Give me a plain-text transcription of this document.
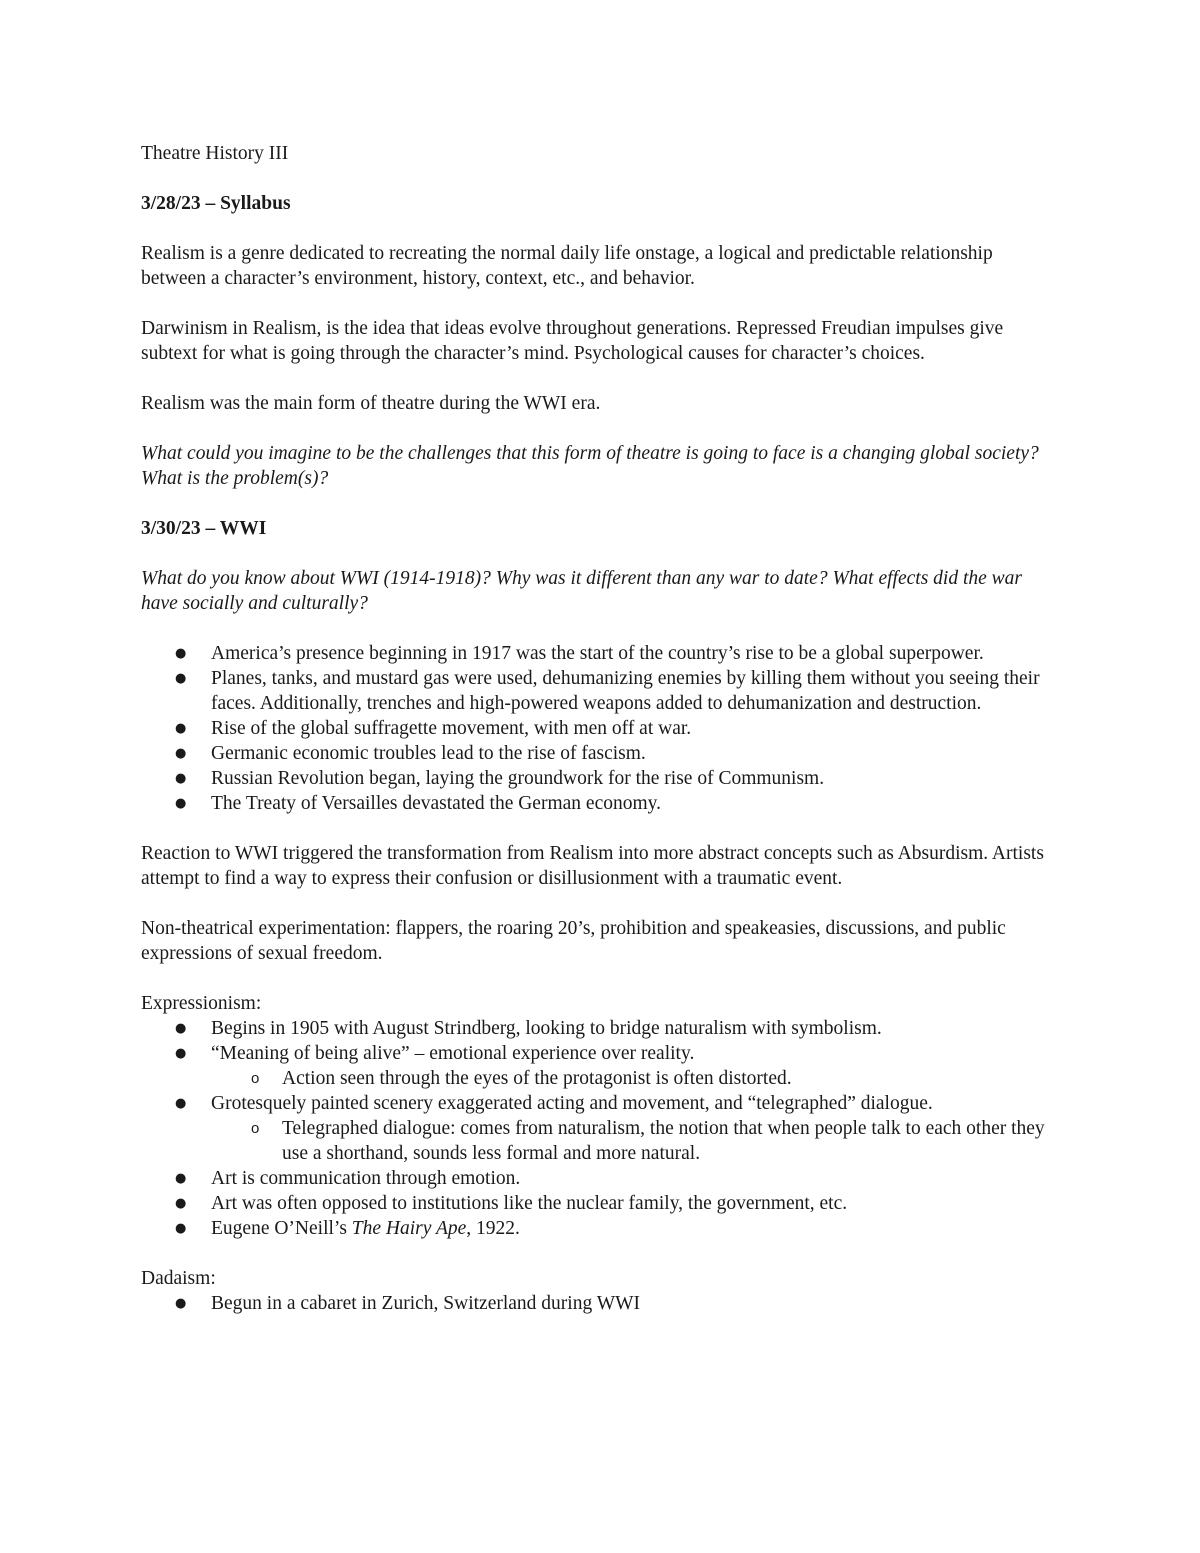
Theatre History III

3/28/23 – Syllabus

Realism is a genre dedicated to recreating the normal daily life onstage, a logical and predictable relationship between a character’s environment, history, context, etc., and behavior.

Darwinism in Realism, is the idea that ideas evolve throughout generations. Repressed Freudian impulses give subtext for what is going through the character’s mind. Psychological causes for character’s choices.

Realism was the main form of theatre during the WWI era.

What could you imagine to be the challenges that this form of theatre is going to face is a changing global society? What is the problem(s)?

3/30/23 – WWI

What do you know about WWI (1914-1918)? Why was it different than any war to date? What effects did the war have socially and culturally?

● America’s presence beginning in 1917 was the start of the country’s rise to be a global superpower.
● Planes, tanks, and mustard gas were used, dehumanizing enemies by killing them without you seeing their faces. Additionally, trenches and high-powered weapons added to dehumanization and destruction.
● Rise of the global suffragette movement, with men off at war.
● Germanic economic troubles lead to the rise of fascism.
● Russian Revolution began, laying the groundwork for the rise of Communism.
● The Treaty of Versailles devastated the German economy.

Reaction to WWI triggered the transformation from Realism into more abstract concepts such as Absurdism. Artists attempt to find a way to express their confusion or disillusionment with a traumatic event.

Non-theatrical experimentation: flappers, the roaring 20’s, prohibition and speakeasies, discussions, and public expressions of sexual freedom.

Expressionism:

● Begins in 1905 with August Strindberg, looking to bridge naturalism with symbolism.
● “Meaning of being alive” – emotional experience over reality.
o Action seen through the eyes of the protagonist is often distorted.
● Grotesquely painted scenery exaggerated acting and movement, and “telegraphed” dialogue.
o Telegraphed dialogue: comes from naturalism, the notion that when people talk to each other they use a shorthand, sounds less formal and more natural.
● Art is communication through emotion.
● Art was often opposed to institutions like the nuclear family, the government, etc.
● Eugene O’Neill’s The Hairy Ape, 1922.

Dadaism:

● Begun in a cabaret in Zurich, Switzerland during WWI
